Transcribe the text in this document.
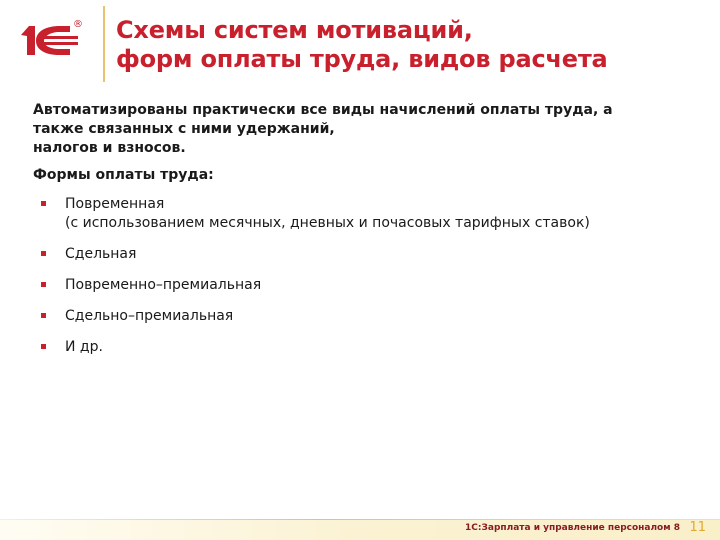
® Схемы систем мотиваций,
форм оплаты труда, видов расчета

Автоматизированы практически все виды начислений оплаты труда, а
также связанных с ними удержаний,
налогов и взносов.

Формы оплаты труда:

Повременная
(с использованием месячных, дневных и почасовых тарифных ставок)
Сдельная
Повременно–премиальная
Сдельно–премиальная
И др.
1С:Зарплата и управление персоналом 8 11
